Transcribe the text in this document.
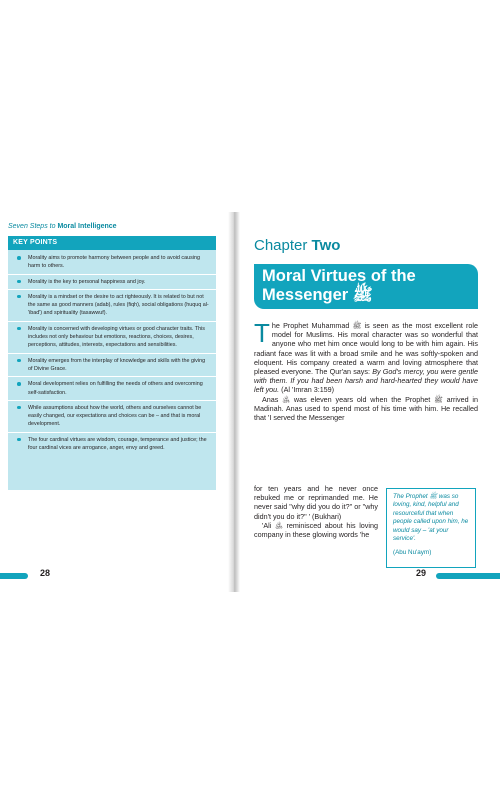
Seven Steps to Moral Intelligence
KEY POINTS
Morality aims to promote harmony between people and to avoid causing harm to others.
Morality is the key to personal happiness and joy.
Morality is a mindset or the desire to act righteously. It is related to but not the same as good manners (adab), rules (fiqh), social obligations (huquq al-'ibad') and spirituality (tasawwuf).
Morality is concerned with developing virtues or good character traits. This includes not only behaviour but emotions, reactions, choices, desires, perceptions, attitudes, interests, expectations and sensibilities.
Morality emerges from the interplay of knowledge and skills with the giving of Divine Grace.
Moral development relies on fulfilling the needs of others and overcoming self-satisfaction.
While assumptions about how the world, others and ourselves cannot be easily changed, our expectations and choices can be – and that is moral development.
The four cardinal virtues are wisdom, courage, temperance and justice; the four cardinal vices are arrogance, anger, envy and greed.
28
Chapter Two
Moral Virtues of the Messenger ﷺ

The Prophet Muhammad ﷺ is seen as the most excellent role model for Muslims. His moral character was so wonderful that anyone who met him once would long to be with him again. His radiant face was lit with a broad smile and he was softly-spoken and eloquent. His company created a warm and loving atmosphere that pleased everyone. The Qur'an says: By God's mercy, you were gentle with them. If you had been harsh and hard-hearted they would have left you. (Al 'Imran 3:159)

Anas ﵁ was eleven years old when the Prophet ﷺ arrived in Madinah. Anas used to spend most of his time with him. He recalled that 'I served the Messenger

for ten years and he never once rebuked me or reprimanded me. He never said "why did you do it?" or "why didn't you do it?" ' (Bukhari)

'Ali ﵁ reminisced about his loving company in these glowing words 'he

The Prophet ﷺ was so loving, kind, helpful and resourceful that when people called upon him, he would say – 'at your service'.
(Abu Nu'aym)
29
